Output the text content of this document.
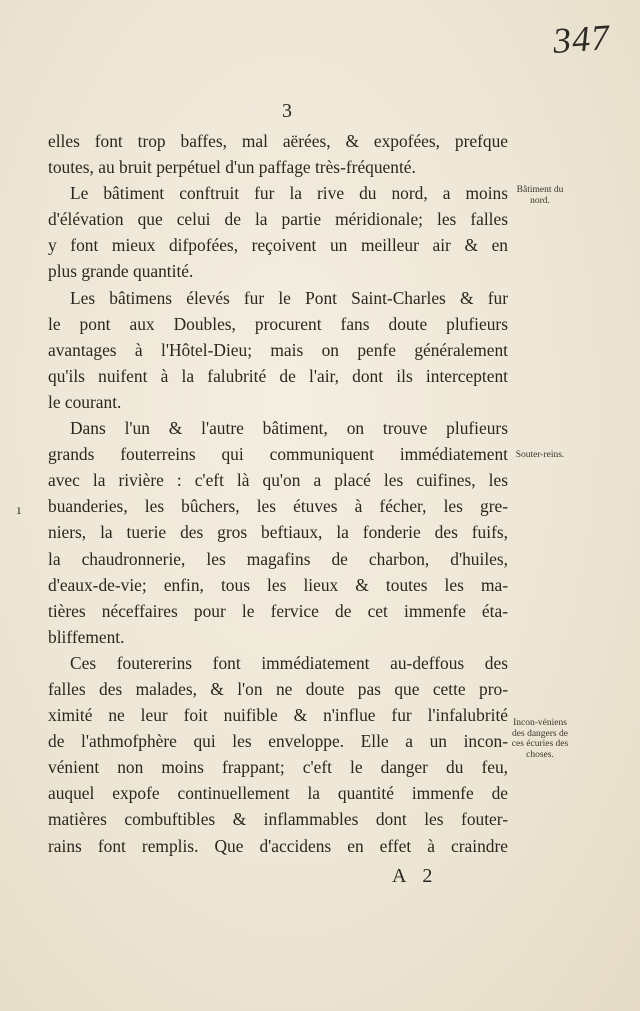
347
3
elles font trop baffes, mal aërées, & expofées, prefque
toutes, au bruit perpétuel d'un paffage très-fréquenté.
Le bâtiment conftruit fur la rive du nord, a moins
d'élévation que celui de la partie méridionale; les falles
y font mieux difpofées, reçoivent un meilleur air & en
plus grande quantité.
Les bâtimens élevés fur le Pont Saint-Charles & fur
le pont aux Doubles, procurent fans doute plufieurs
avantages à l'Hôtel-Dieu; mais on penfe généralement
qu'ils nuifent à la falubrité de l'air, dont ils interceptent
le courant.
Dans l'un & l'autre bâtiment, on trouve plufieurs
grands fouterreins qui communiquent immédiatement
avec la rivière : c'eft là qu'on a placé les cuifines, les
buanderies, les bûchers, les étuves à fécher, les gre-
niers, la tuerie des gros beftiaux, la fonderie des fuifs,
la chaudronnerie, les magafins de charbon, d'huiles,
d'eaux-de-vie; enfin, tous les lieux & toutes les ma-
tières néceffaires pour le fervice de cet immenfe éta-
bliffement.
Ces foutererins font immédiatement au-deffous des
falles des malades, & l'on ne doute pas que cette pro-
ximité ne leur foit nuifible & n'influe fur l'infalubrité
de l'athmofphère qui les enveloppe. Elle a un incon-
vénient non moins frappant; c'eft le danger du feu,
auquel expofe continuellement la quantité immenfe de
matières combuftibles & inflammables dont les fouter-
rains font remplis. Que d'accidens en effet à craindre
Bâtiment du nord.
Souter-reins.
Incon-véniens des dangers de ces écuries des choses.
ı
A 2
